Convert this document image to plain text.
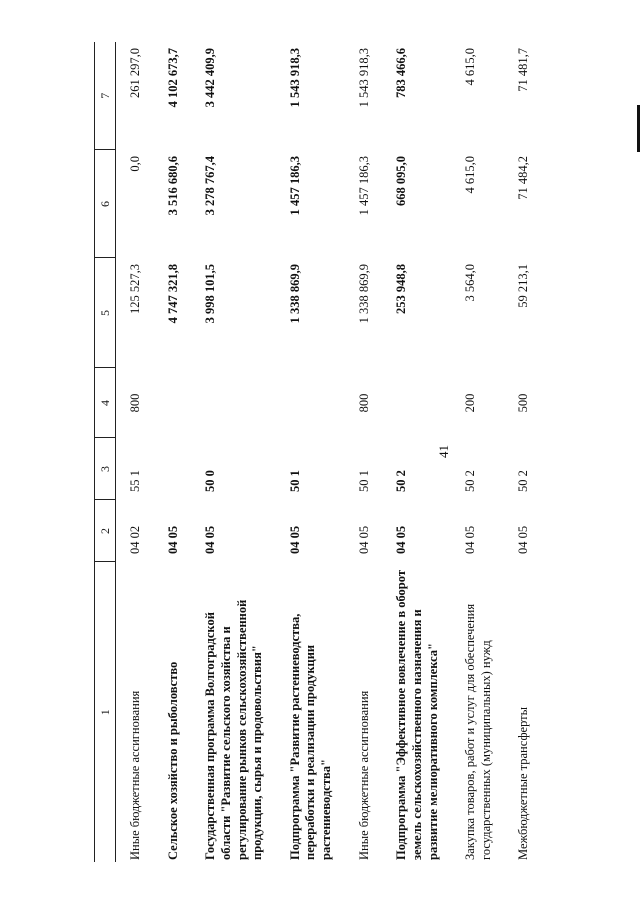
41
1	2	3	4	5	6	7
Иные бюджетные ассигнования	04 02	55 1	800	125 527,3	0,0	261 297,0
Сельское хозяйство и рыболовство	04 05			4 747 321,8	3 516 680,6	4 102 673,7
Государственная программа Волгоградской области "Развитие сельского хозяйства и регулирование рынков сельскохозяйственной продукции, сырья и продовольствия"	04 05	50 0		3 998 101,5	3 278 767,4	3 442 409,9
Подпрограмма "Развитие растениеводства, переработки и реализации продукции растениеводства"	04 05	50 1		1 338 869,9	1 457 186,3	1 543 918,3
Иные бюджетные ассигнования	04 05	50 1	800	1 338 869,9	1 457 186,3	1 543 918,3
Подпрограмма "Эффективное вовлечение в оборот земель сельскохозяйственного назначения и развитие мелиоративного комплекса"	04 05	50 2		253 948,8	668 095,0	783 466,6
Закупка товаров, работ и услуг для обеспечения государственных (муниципальных) нужд	04 05	50 2	200	3 564,0	4 615,0	4 615,0
Межбюджетные трансферты	04 05	50 2	500	59 213,1	71 484,2	71 481,7
